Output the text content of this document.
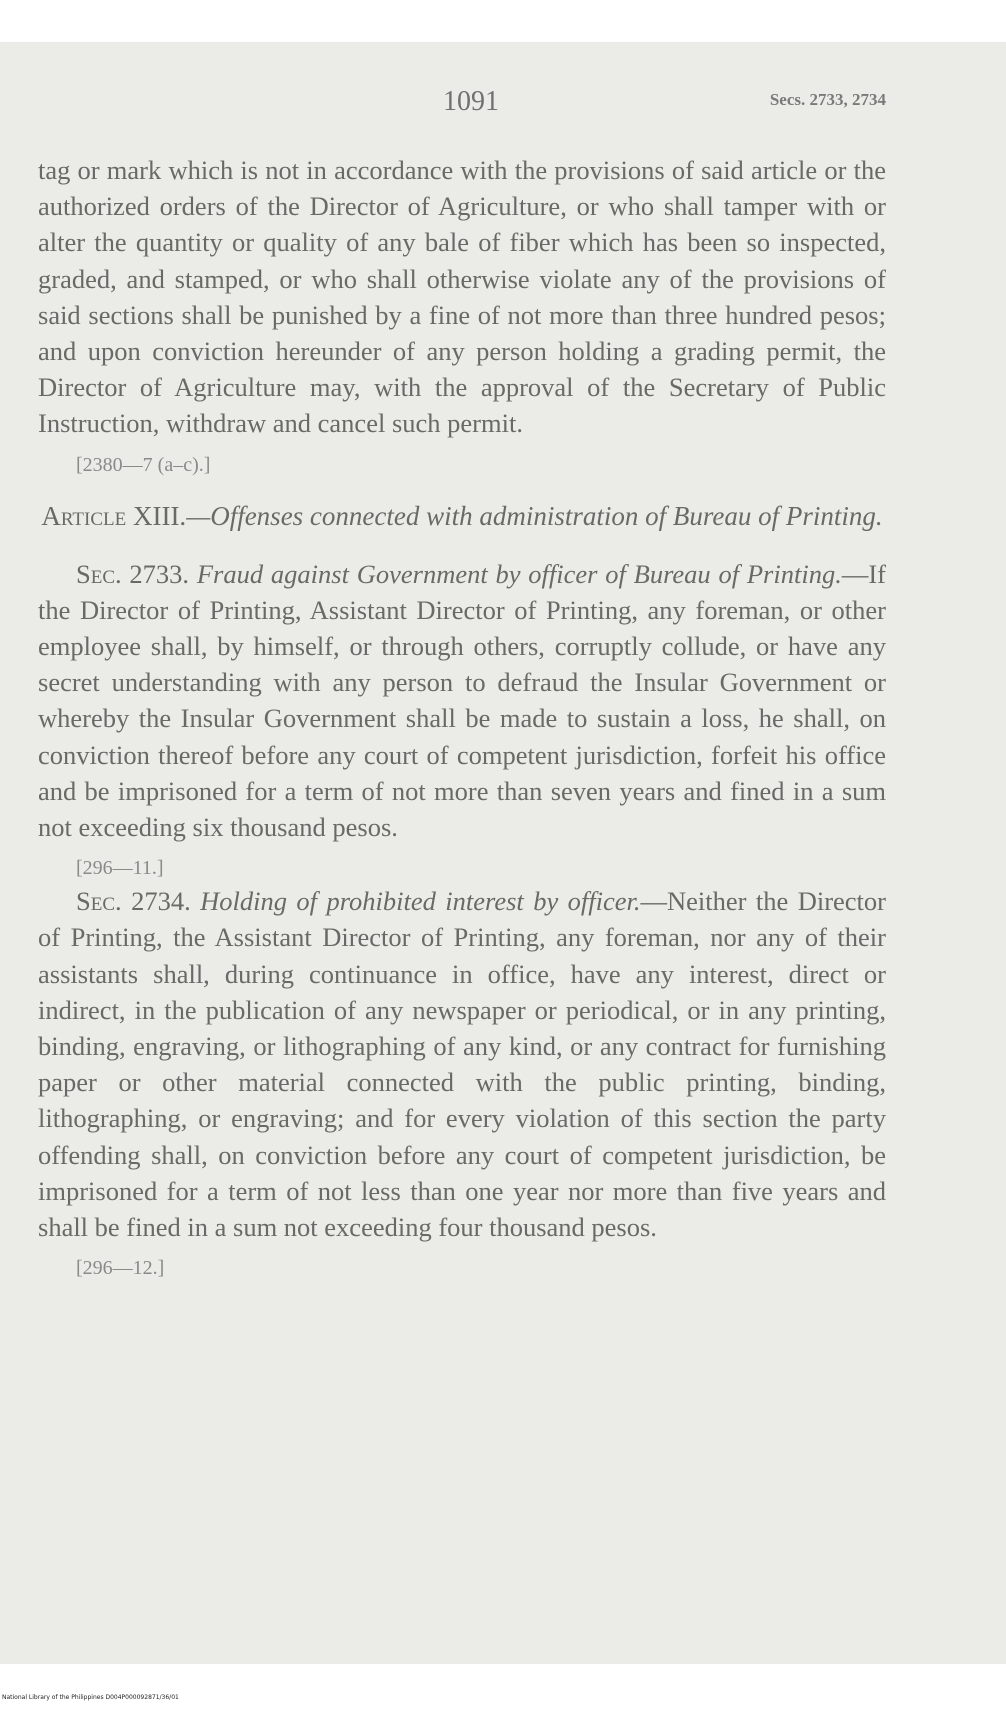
1091	Secs. 2733, 2734

tag or mark which is not in accordance with the provisions of said article or the authorized orders of the Director of Agriculture, or who shall tamper with or alter the quantity or quality of any bale of fiber which has been so inspected, graded, and stamped, or who shall otherwise violate any of the provisions of said sections shall be punished by a fine of not more than three hundred pesos; and upon conviction hereunder of any person holding a grading permit, the Director of Agriculture may, with the approval of the Secretary of Public Instruction, withdraw and cancel such permit.

[2380—7 (a–c).]

Article XIII.—Offenses connected with administration of Bureau of Printing.

Sec. 2733. Fraud against Government by officer of Bureau of Printing.—If the Director of Printing, Assistant Director of Printing, any foreman, or other employee shall, by himself, or through others, corruptly collude, or have any secret understanding with any person to defraud the Insular Government or whereby the Insular Government shall be made to sustain a loss, he shall, on conviction thereof before any court of competent jurisdiction, forfeit his office and be imprisoned for a term of not more than seven years and fined in a sum not exceeding six thousand pesos.

[296—11.]

Sec. 2734. Holding of prohibited interest by officer.—Neither the Director of Printing, the Assistant Director of Printing, any foreman, nor any of their assistants shall, during continuance in office, have any interest, direct or indirect, in the publication of any newspaper or periodical, or in any printing, binding, engraving, or lithographing of any kind, or any contract for furnishing paper or other material connected with the public printing, binding, lithographing, or engraving; and for every violation of this section the party offending shall, on conviction before any court of competent jurisdiction, be imprisoned for a term of not less than one year nor more than five years and shall be fined in a sum not exceeding four thousand pesos.

[296—12.]

National Library of the Philippines D004P000092871/36/01
